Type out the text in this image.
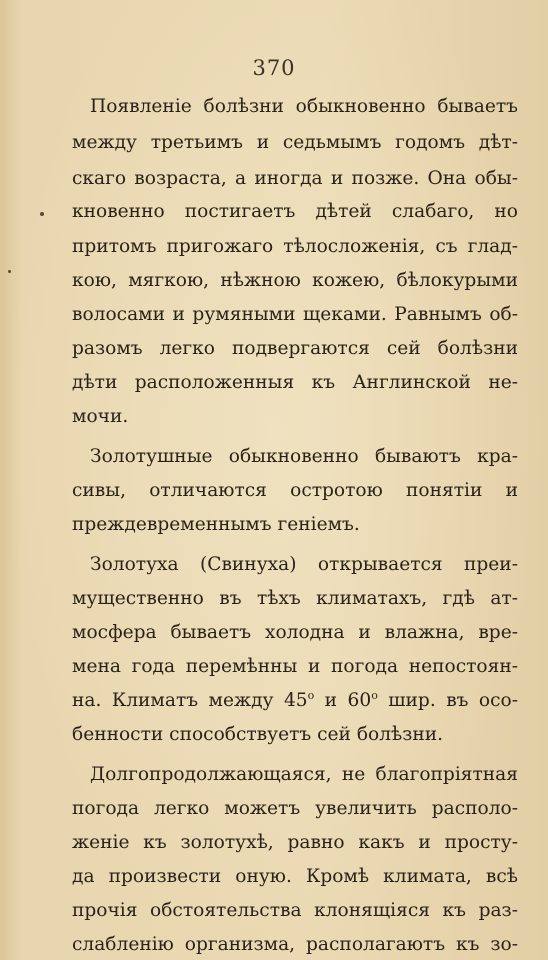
370
Появленіе болѣзни обыкновенно бываетъ
между третьимъ и седьмымъ годомъ дѣт-
скаго возраста, а иногда и позже. Она обы-
кновенно постигаетъ дѣтей слабаго, но
притомъ пригожаго тѣлосложенія, съ глад-
кою, мягкою, нѣжною кожею, бѣлокурыми
волосами и румяными щеками. Равнымъ об-
разомъ легко подвергаются сей болѣзни
дѣти расположенныя къ Англинской не-
мочи.
Золотушные обыкновенно бываютъ кра-
сивы, отличаются остротою понятiи и
преждевременнымъ геніемъ.
Золотуха (Свинуха) открывается преи-
мущественно въ тѣхъ климатахъ, гдѣ ат-
мосфера бываетъ холодна и влажна, вре-
мена года перемѣнны и погода непостоян-
на. Климатъ между $45^о$ и $60^о$ шир. въ осо-
бенности способствуетъ сей болѣзни.
Долгопродолжающаяся, не благопріятная
погода легко можетъ увеличить располо-
женіе къ золотухѣ, равно какъ и просту-
да произвести оную. Кромѣ климата, всѣ
прочія обстоятельства клонящiяся къ раз-
слабленію организма, располагаютъ къ зо-
